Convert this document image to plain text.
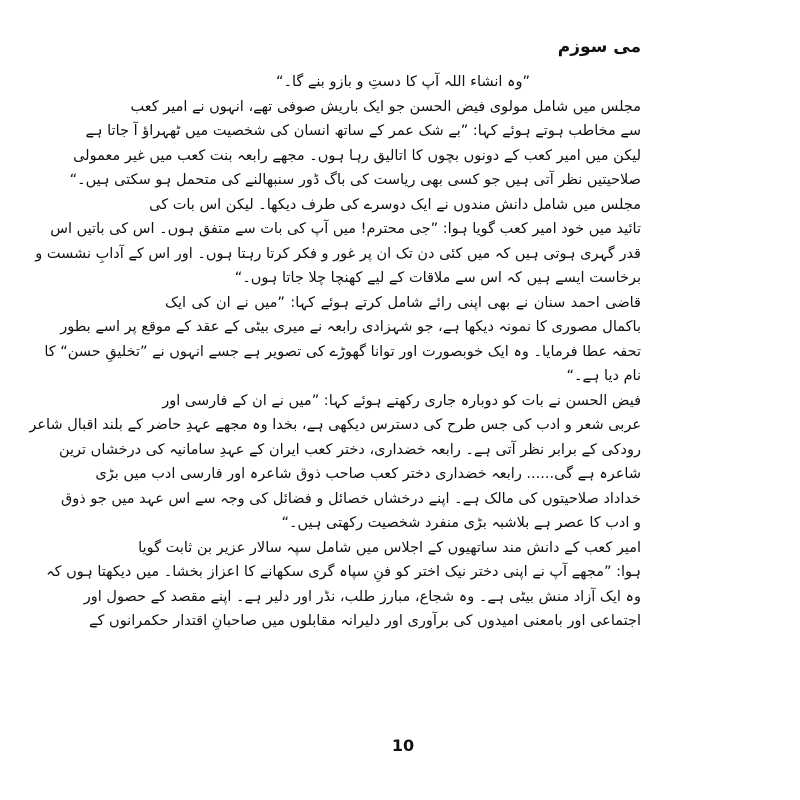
می سوزم
”وہ انشاء اللہ آپ کا دستِ و بازو بنے گا۔“
مجلس میں شامل مولوی فیض الحسن جو ایک باریش صوفی تھے، انہوں نے امیر کعب
سے مخاطب ہوتے ہوئے کہا: ”بے شک عمر کے ساتھ انسان کی شخصیت میں ٹھہراؤ آ جاتا ہے
لیکن میں امیر کعب کے دونوں بچوں کا اتالیق رہا ہوں۔ مجھے رابعہ بنت کعب میں غیر معمولی
صلاحیتیں نظر آتی ہیں جو کسی بھی ریاست کی باگ ڈور سنبھالنے کی متحمل ہو سکتی ہیں۔“
مجلس میں شامل دانش مندوں نے ایک دوسرے کی طرف دیکھا۔ لیکن اس بات کی
تائید میں خود امیر کعب گویا ہوا: ”جی محترم! میں آپ کی بات سے متفق ہوں۔ اس کی باتیں اس
قدر گہری ہوتی ہیں کہ میں کئی دن تک ان پر غور و فکر کرتا رہتا ہوں۔ اور اس کے آدابِ نشست و
برخاست ایسے ہیں کہ اس سے ملاقات کے لیے کھنچا چلا جاتا ہوں۔“
قاضی احمد سنان نے بھی اپنی رائے شامل کرتے ہوئے کہا: ”میں نے ان کی ایک
باکمال مصوری کا نمونہ دیکھا ہے، جو شہزادی رابعہ نے میری بیٹی کے عقد کے موقع پر اسے بطور
تحفہ عطا فرمایا۔ وہ ایک خوبصورت اور توانا گھوڑے کی تصویر ہے جسے انہوں نے ”تخلیقِ حسن“ کا
نام دیا ہے۔“
فیض الحسن نے بات کو دوبارہ جاری رکھتے ہوئے کہا: ”میں نے ان کے فارسی اور
عربی شعر و ادب کی جس طرح کی دسترس دیکھی ہے، بخدا وہ مجھے عہدِ حاضر کے بلند اقبال شاعر
رودکی کے برابر نظر آتی ہے۔ رابعہ خضداری، دختر کعب ایران کے عہدِ سامانیہ کی درخشاں ترین
شاعرہ ہے گی...... رابعہ خضداری دختر کعب صاحب ذوق شاعرہ اور فارسی ادب میں بڑی
خداداد صلاحیتوں کی مالک ہے۔ اپنے درخشاں خصائل و فضائل کی وجہ سے اس عہد میں جو ذوق
و ادب کا عصر ہے بلاشبہ بڑی منفرد شخصیت رکھتی ہیں۔“
امیر کعب کے دانش مند ساتھیوں کے اجلاس میں شامل سپہ سالار عزیر بن ثابت گویا
ہوا: ”مجھے آپ نے اپنی دختر نیک اختر کو فنِ سپاہ گری سکھانے کا اعزاز بخشا۔ میں دیکھتا ہوں کہ
وہ ایک آزاد منش بیٹی ہے۔ وہ شجاع، مبارز طلب، نڈر اور دلیر ہے۔ اپنے مقصد کے حصول اور
اجتماعی اور بامعنی امیدوں کی برآوری اور دلیرانہ مقابلوں میں صاحبانِ اقتدار حکمرانوں کے
10
